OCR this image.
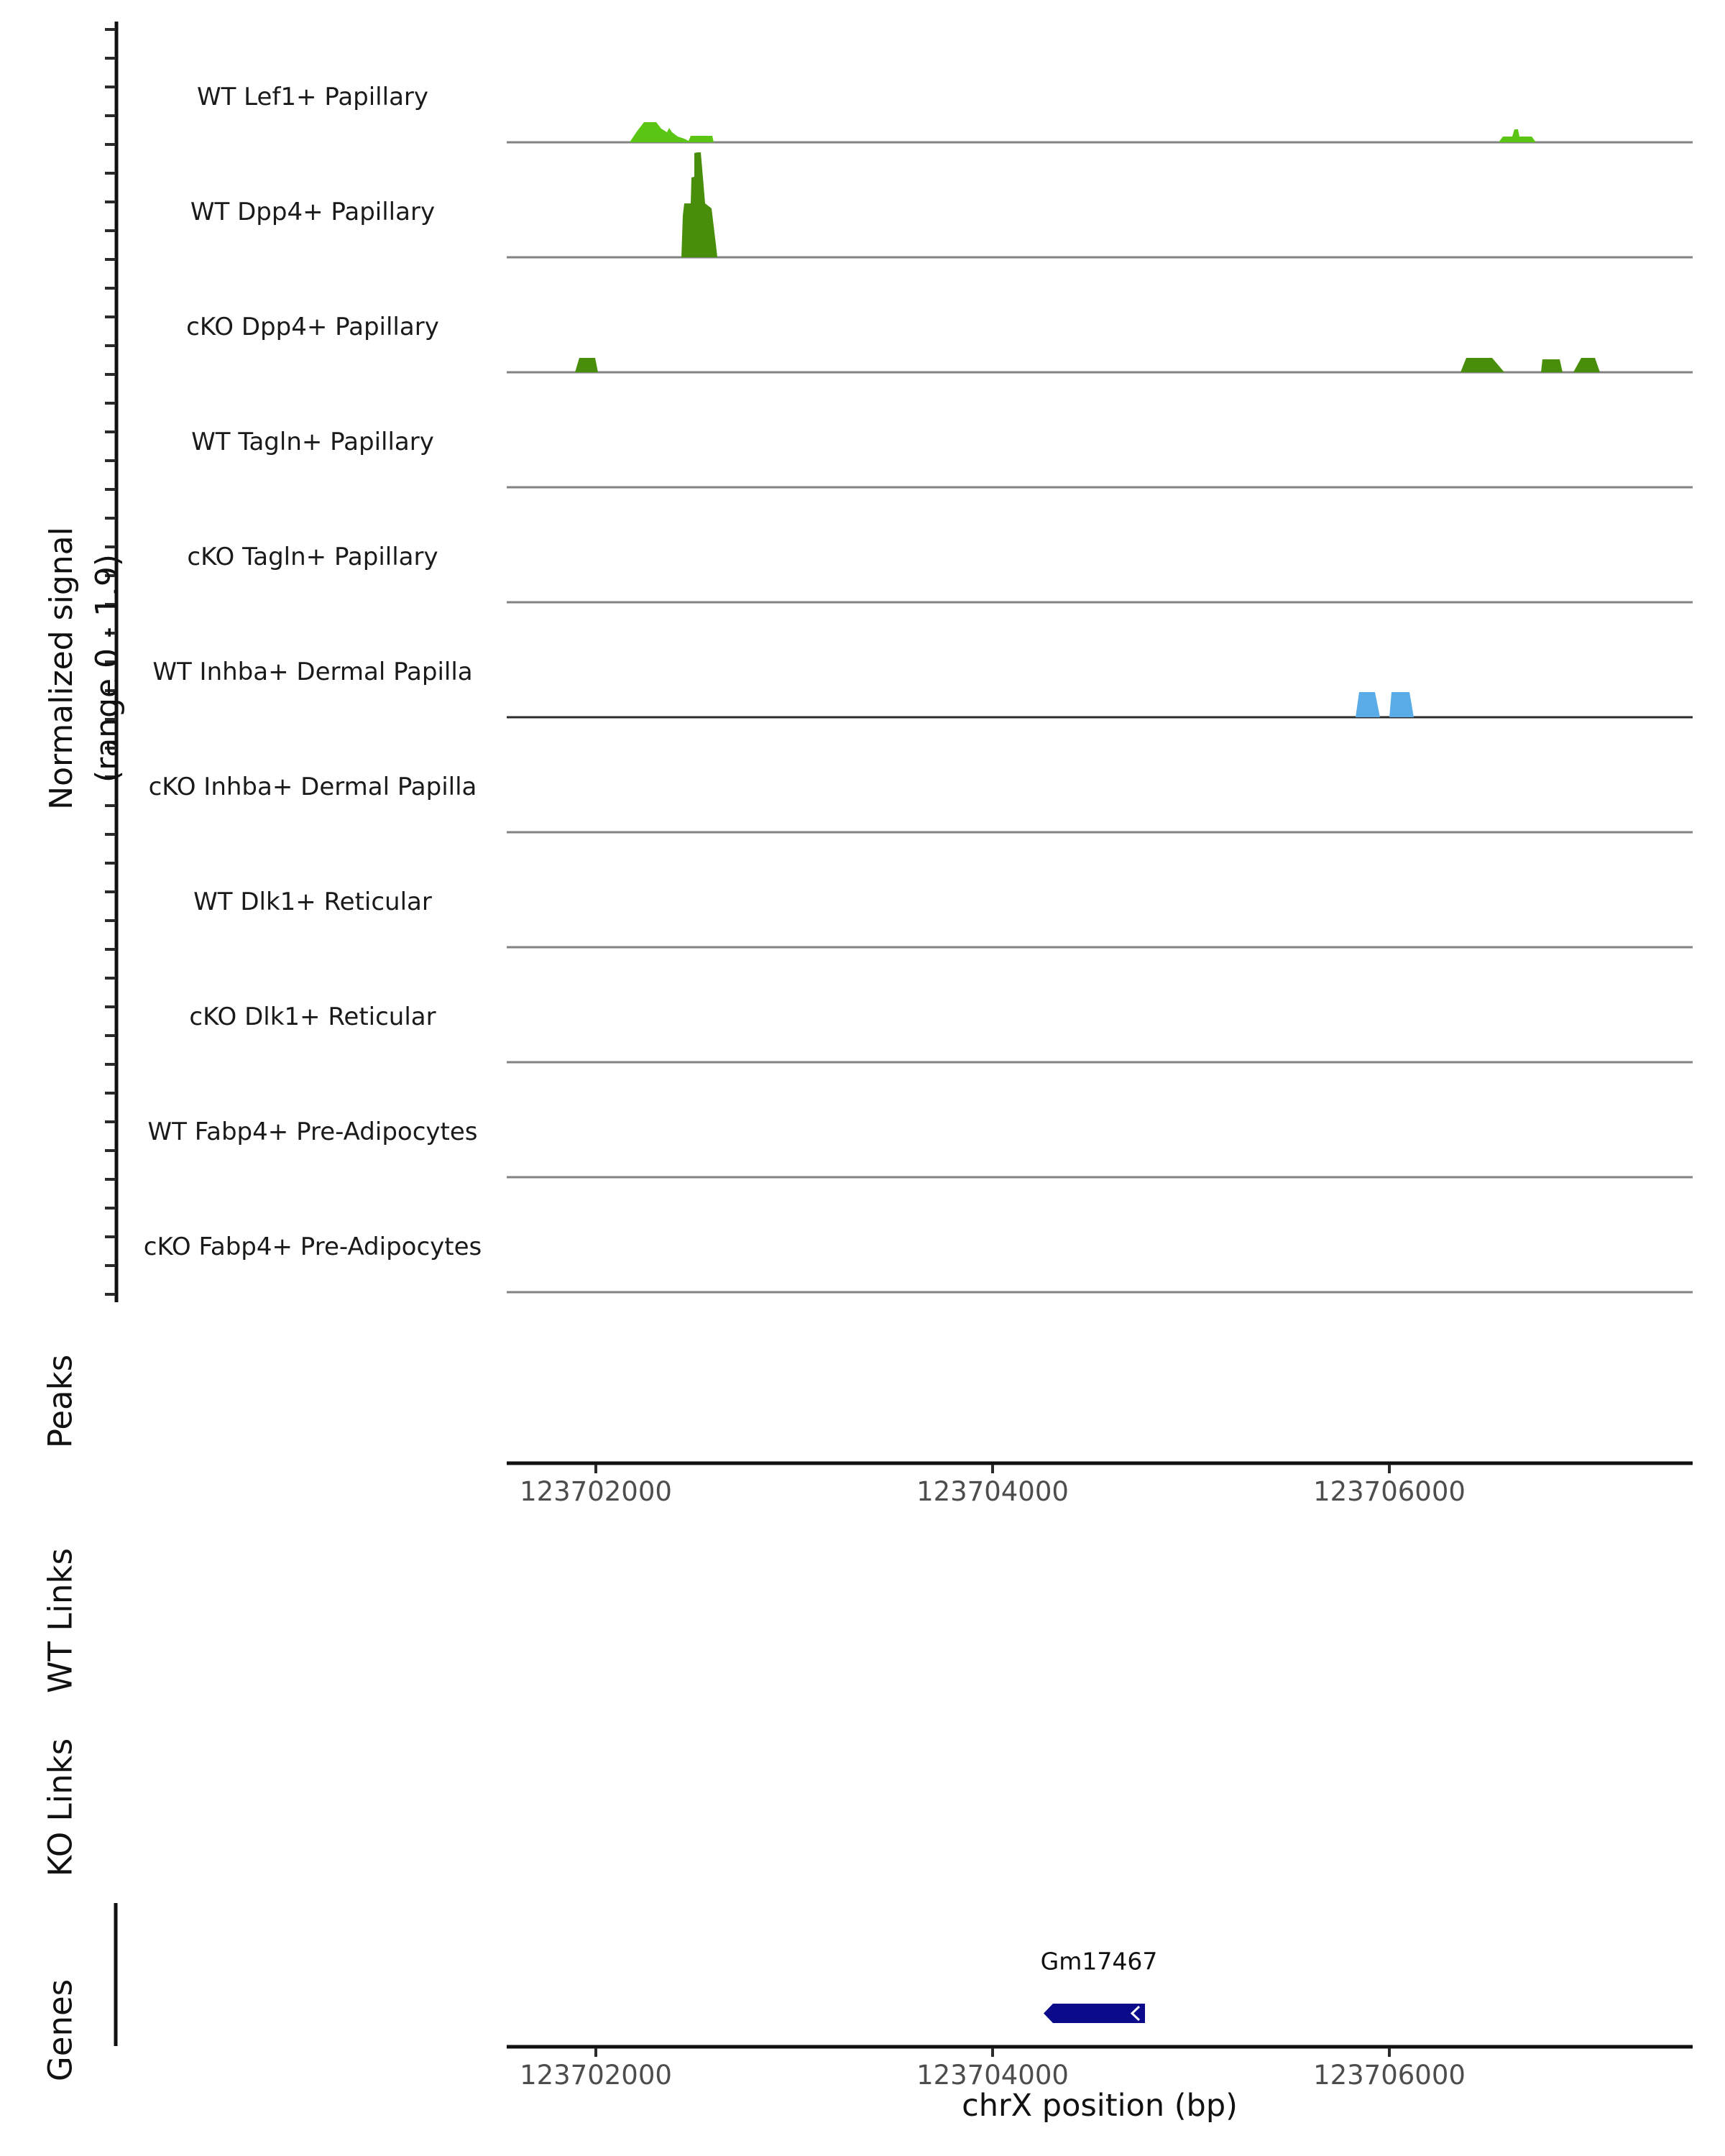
Normalized signal (range 0 - 1.9)
WT Lef1+ Papillary
WT Dpp4+ Papillary
cKO Dpp4+ Papillary
WT Tagln+ Papillary
cKO Tagln+ Papillary
WT Inhba+ Dermal Papilla
cKO Inhba+ Dermal Papilla
WT Dlk1+ Reticular
cKO Dlk1+ Reticular
WT Fabp4+ Pre-Adipocytes
cKO Fabp4+ Pre-Adipocytes
123702000	123704000	123706000
123702000	123704000	123706000
Peaks
WT Links
KO Links
Genes
Gm17467
chrX position (bp)
